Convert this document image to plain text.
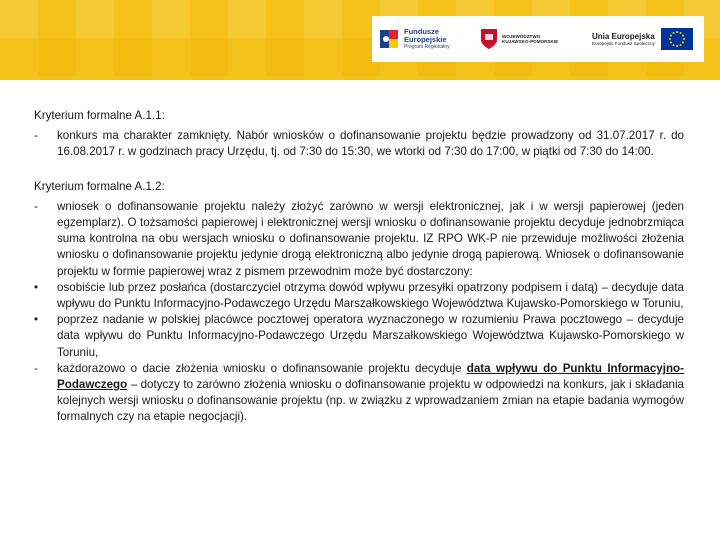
Fundusze
Europejskie
Program Regionalny
WOJEWÓDZTWO
KUJAWSKO-POMORSKIE
Unia Europejska
Europejski Fundusz Społeczny
Kryterium formalne A.1.1:
-	konkurs ma charakter zamknięty. Nabór wniosków o dofinansowanie projektu będzie prowadzony od 31.07.2017 r. do 16.08.2017 r. w godzinach pracy Urzędu, tj. od 7:30 do 15:30, we wtorki od 7:30 do 17:00, w piątki od 7:30 do 14:00.
Kryterium formalne A.1.2:
-	wniosek o dofinansowanie projektu należy złożyć zarówno w wersji elektronicznej, jak i w wersji papierowej (jeden egzemplarz). O tożsamości papierowej i elektronicznej wersji wniosku o dofinansowanie projektu decyduje jednobrzmiąca suma kontrolna na obu wersjach wniosku o dofinansowanie projektu. IZ RPO WK-P nie przewiduje możliwości złożenia wniosku o dofinansowanie projektu jedynie drogą elektroniczną albo jedynie drogą papierową. Wniosek o dofinansowanie projektu w formie papierowej wraz z pismem przewodnim może być dostarczony:
•	osobiście lub przez posłańca (dostarczyciel otrzyma dowód wpływu przesyłki opatrzony podpisem i datą) – decyduje data wpływu do Punktu Informacyjno-Podawczego Urzędu Marszałkowskiego Województwa Kujawsko-Pomorskiego w Toruniu,
•	poprzez nadanie w polskiej placówce pocztowej operatora wyznaczonego w rozumieniu Prawa pocztowego – decyduje data wpływu do Punktu Informacyjno-Podawczego Urzędu Marszałkowskiego Województwa Kujawsko-Pomorskiego w Toruniu,
-	każdorazowo o dacie złożenia wniosku o dofinansowanie projektu decyduje data wpływu do Punktu Informacyjno-Podawczego – dotyczy to zarówno złożenia wniosku o dofinansowanie projektu w odpowiedzi na konkurs, jak i składania kolejnych wersji wniosku o dofinansowanie projektu (np. w związku z wprowadzaniem zmian na etapie badania wymogów formalnych czy na etapie negocjacji).
